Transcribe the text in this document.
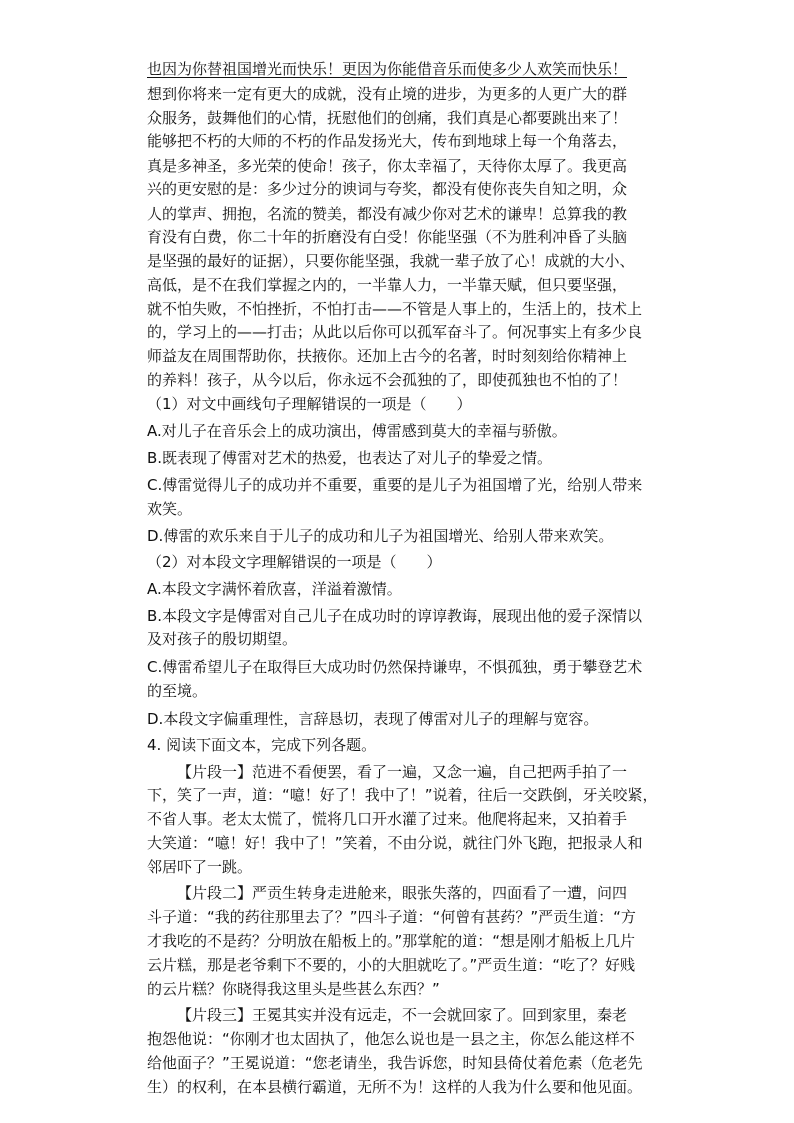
也因为你替祖国增光而快乐！更因为你能借音乐而使多少人欢笑而快乐！
想到你将来一定有更大的成就，没有止境的进步，为更多的人更广大的群
众服务，鼓舞他们的心情，抚慰他们的创痛，我们真是心都要跳出来了！
能够把不朽的大师的不朽的作品发扬光大，传布到地球上每一个角落去，
真是多神圣，多光荣的使命！孩子，你太幸福了，天待你太厚了。我更高
兴的更安慰的是：多少过分的谀词与夸奖，都没有使你丧失自知之明，众
人的掌声、拥抱，名流的赞美，都没有减少你对艺术的谦卑！总算我的教
育没有白费，你二十年的折磨没有白受！你能坚强（不为胜利冲昏了头脑
是坚强的最好的证据），只要你能坚强，我就一辈子放了心！成就的大小、
高低，是不在我们掌握之内的，一半靠人力，一半靠天赋，但只要坚强，
就不怕失败，不怕挫折，不怕打击——不管是人事上的，生活上的，技术上
的，学习上的——打击；从此以后你可以孤军奋斗了。何况事实上有多少良
师益友在周围帮助你，扶掖你。还加上古今的名著，时时刻刻给你精神上
的养料！孩子，从今以后，你永远不会孤独的了，即使孤独也不怕的了！
（1）对文中画线句子理解错误的一项是（　　）
A.对儿子在音乐会上的成功演出，傅雷感到莫大的幸福与骄傲。
B.既表现了傅雷对艺术的热爱，也表达了对儿子的挚爱之情。
C.傅雷觉得儿子的成功并不重要，重要的是儿子为祖国增了光，给别人带来
欢笑。
D.傅雷的欢乐来自于儿子的成功和儿子为祖国增光、给别人带来欢笑。
（2）对本段文字理解错误的一项是（　　）
A.本段文字满怀着欣喜，洋溢着激情。
B.本段文字是傅雷对自己儿子在成功时的谆谆教诲，展现出他的爱子深情以
及对孩子的殷切期望。
C.傅雷希望儿子在取得巨大成功时仍然保持谦卑，不惧孤独，勇于攀登艺术
的至境。
D.本段文字偏重理性，言辞恳切，表现了傅雷对儿子的理解与宽容。
4. 阅读下面文本，完成下列各题。
【片段一】范进不看便罢，看了一遍，又念一遍，自己把两手拍了一
下，笑了一声，道：“噫！好了！我中了！”说着，往后一交跌倒，牙关咬紧，
不省人事。老太太慌了，慌将几口开水灌了过来。他爬将起来，又拍着手
大笑道：“噫！好！我中了！”笑着，不由分说，就往门外飞跑，把报录人和
邻居吓了一跳。
【片段二】严贡生转身走进舱来，眼张失落的，四面看了一遭，问四
斗子道：“我的药往那里去了？”四斗子道：“何曾有甚药？”严贡生道：“方
才我吃的不是药？分明放在船板上的。”那掌舵的道：“想是刚才船板上几片
云片糕，那是老爷剩下不要的，小的大胆就吃了。”严贡生道：“吃了？好贱
的云片糕？你晓得我这里头是些甚么东西？”
【片段三】王冕其实并没有远走，不一会就回家了。回到家里，秦老
抱怨他说：“你刚才也太固执了，他怎么说也是一县之主，你怎么能这样不
给他面子？”王冕说道：“您老请坐，我告诉您，时知县倚仗着危素（危老先
生）的权利，在本县横行霸道，无所不为！这样的人我为什么要和他见面。
